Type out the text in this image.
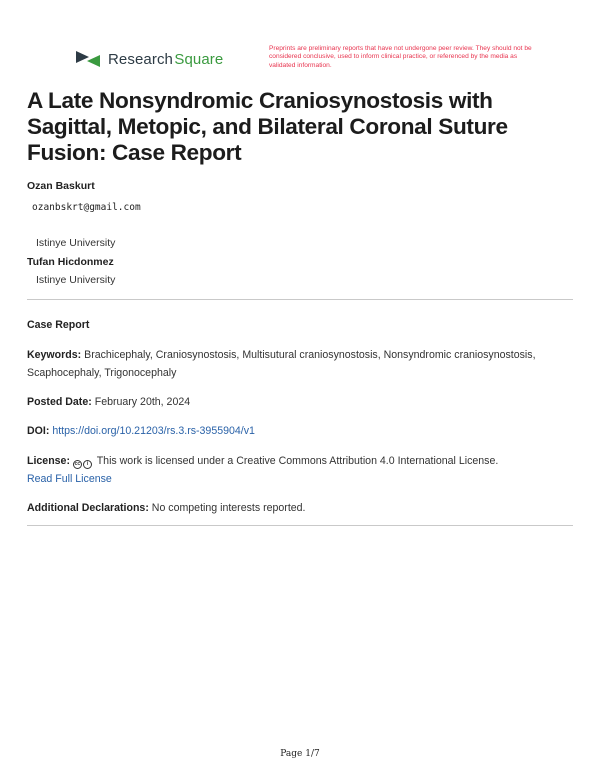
Research Square
Preprints are preliminary reports that have not undergone peer review. They should not be considered conclusive, used to inform clinical practice, or referenced by the media as validated information.
A Late Nonsyndromic Craniosynostosis with Sagittal, Metopic, and Bilateral Coronal Suture Fusion: Case Report
Ozan Baskurt
ozanbskrt@gmail.com
Istinye University
Tufan Hicdonmez
Istinye University
Case Report
Keywords: Brachicephaly, Craniosynostosis, Multisutural craniosynostosis, Nonsyndromic craniosynostosis, Scaphocephaly, Trigonocephaly
Posted Date: February 20th, 2024
DOI: https://doi.org/10.21203/rs.3.rs-3955904/v1
License: cc	i This work is licensed under a Creative Commons Attribution 4.0 International License.
Read Full License
Additional Declarations: No competing interests reported.
Page 1/7
